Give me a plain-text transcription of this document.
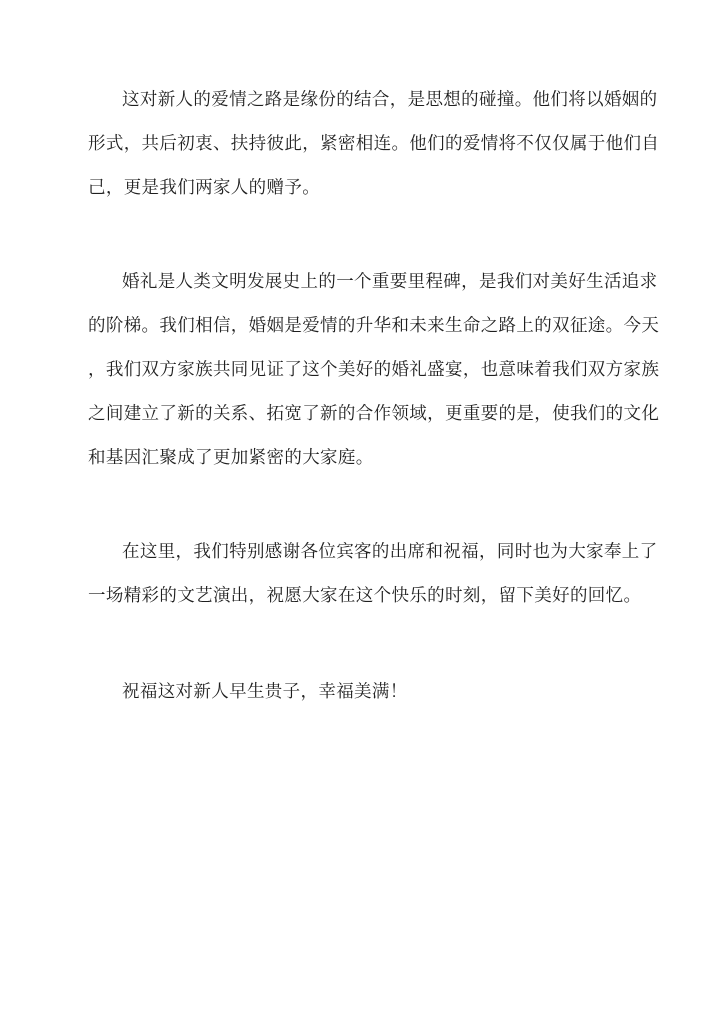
这对新人的爱情之路是缘份的结合，是思想的碰撞。他们将以婚姻的
形式，共后初衷、扶持彼此，紧密相连。他们的爱情将不仅仅属于他们自
己，更是我们两家人的赠予。
婚礼是人类文明发展史上的一个重要里程碑，是我们对美好生活追求
的阶梯。我们相信，婚姻是爱情的升华和未来生命之路上的双征途。今天
，我们双方家族共同见证了这个美好的婚礼盛宴，也意味着我们双方家族
之间建立了新的关系、拓宽了新的合作领域，更重要的是，使我们的文化
和基因汇聚成了更加紧密的大家庭。
在这里，我们特别感谢各位宾客的出席和祝福，同时也为大家奉上了
一场精彩的文艺演出，祝愿大家在这个快乐的时刻，留下美好的回忆。
祝福这对新人早生贵子，幸福美满！
